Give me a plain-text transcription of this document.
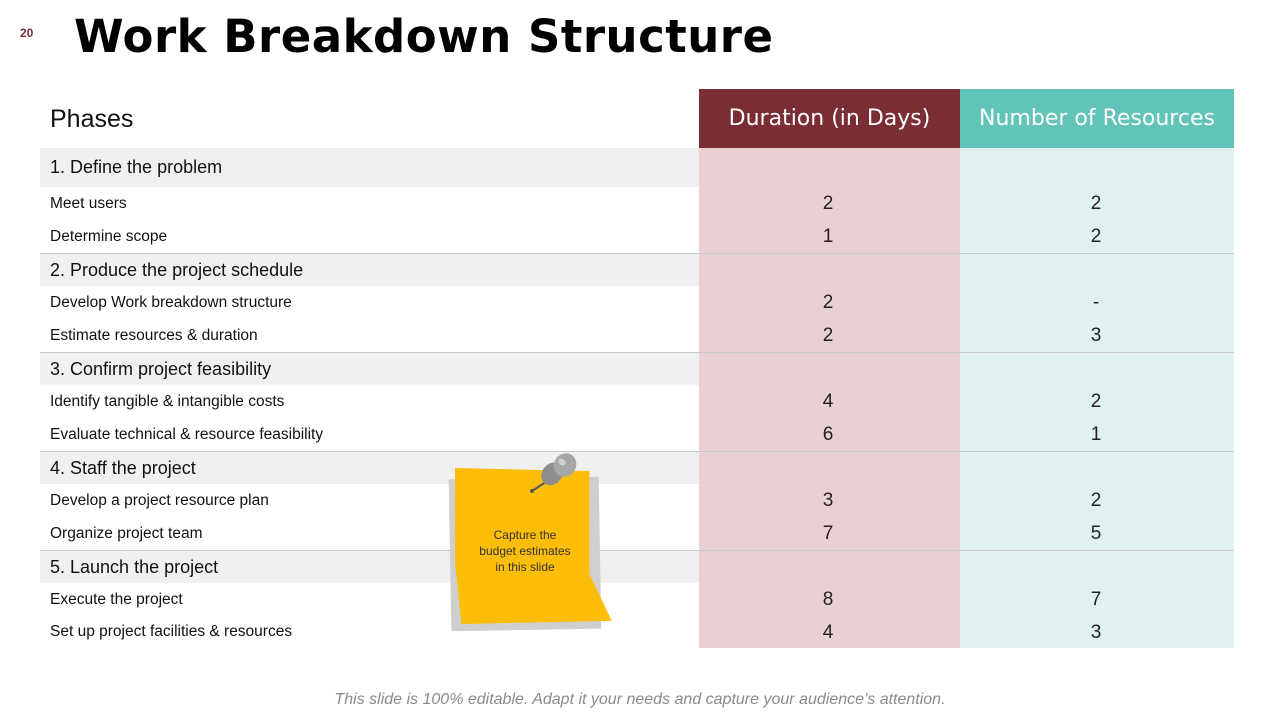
20 Work Breakdown Structure
Phases	Duration (in Days)	Number of Resources
1. Define the problem
Meet users	2	2
Determine scope	1	2
2. Produce the project schedule
Develop Work breakdown structure	2	-
Estimate resources & duration	2	3
3. Confirm project feasibility
Identify tangible & intangible costs	4	2
Evaluate technical & resource feasibility	6	1
4. Staff the project
Develop a project resource plan	3	2
Organize project team	7	5
5. Launch the project
Execute the project	8	7
Set up project facilities & resources	4	3
Capture the
budget estimates
in this slide
This slide is 100% editable. Adapt it your needs and capture your audience’s attention.
